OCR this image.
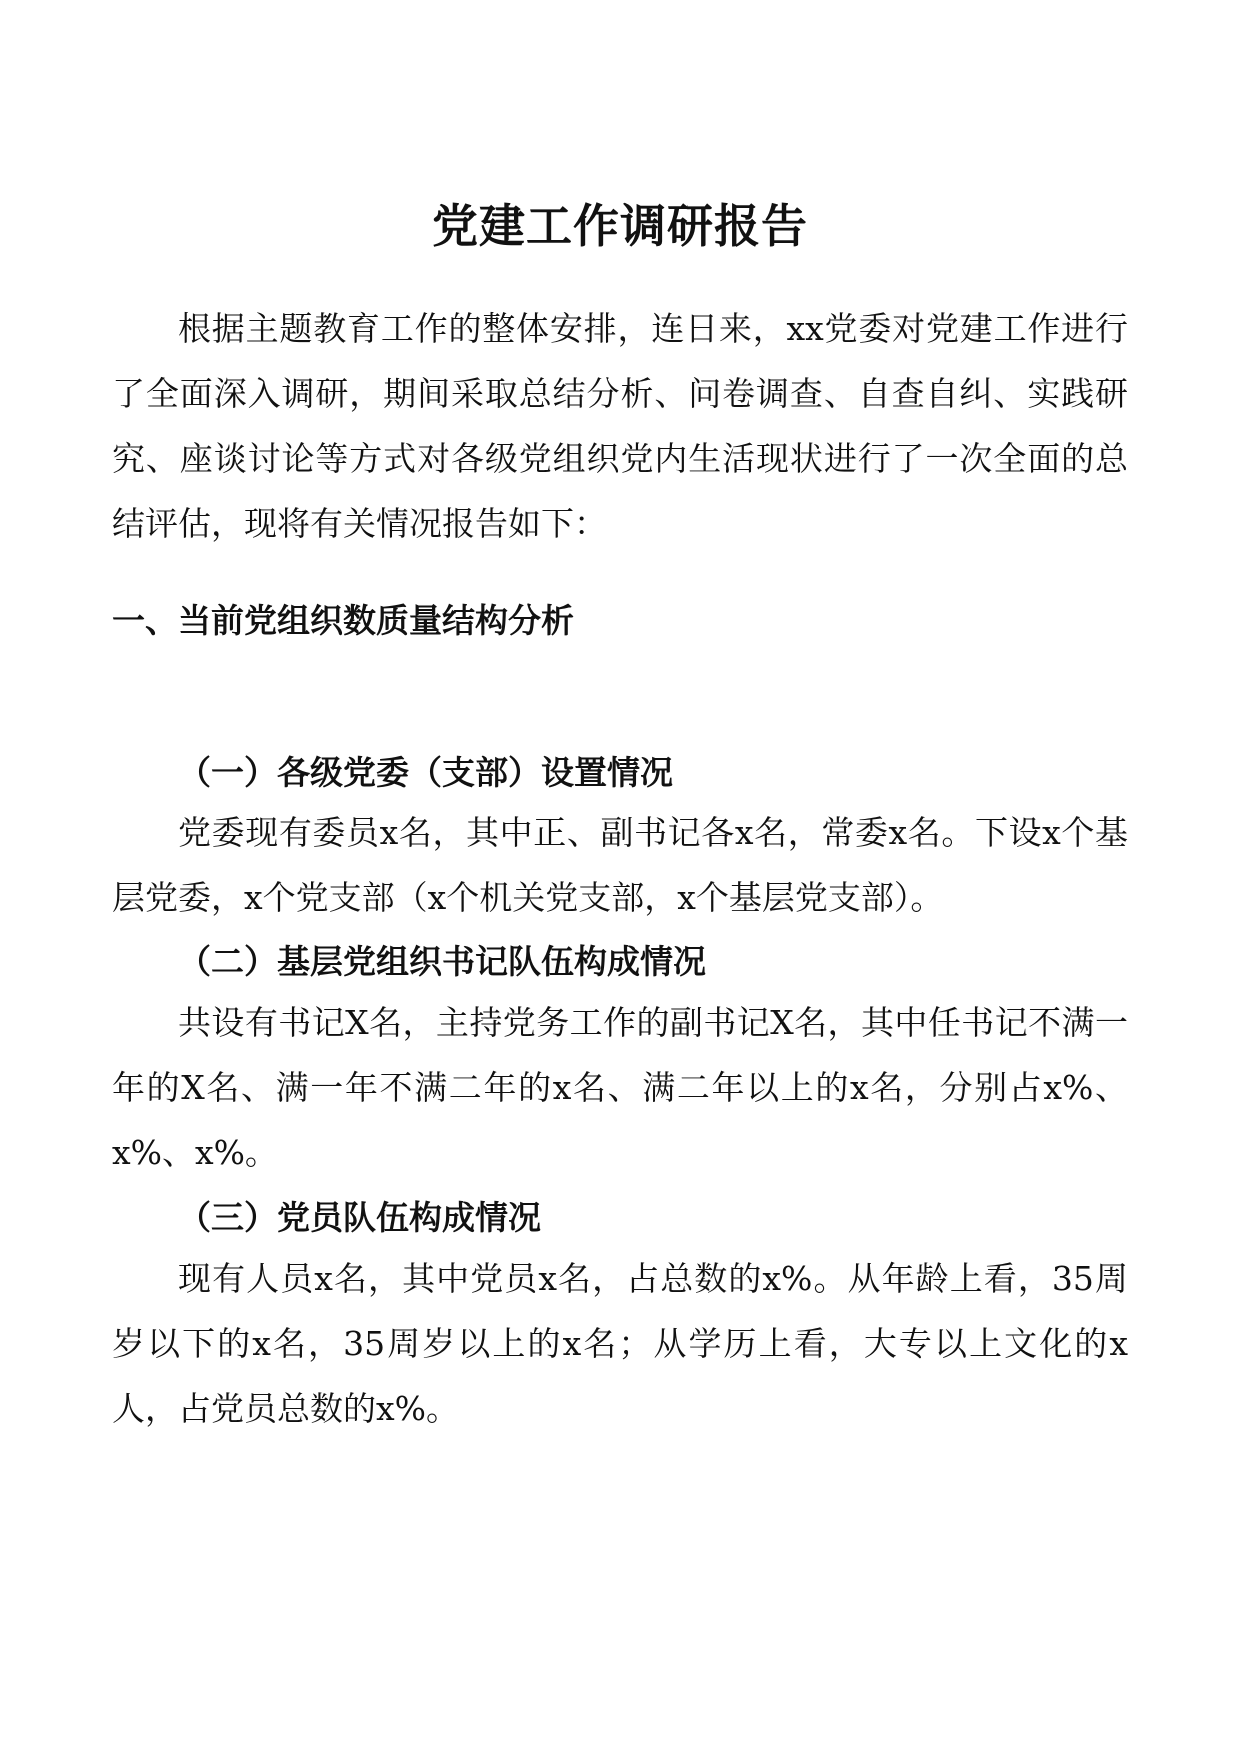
党建工作调研报告

根据主题教育工作的整体安排，连日来，xx党委对党建工作进行了全面深入调研，期间采取总结分析、问卷调查、自查自纠、实践研究、座谈讨论等方式对各级党组织党内生活现状进行了一次全面的总结评估，现将有关情况报告如下：

一、当前党组织数质量结构分析
（一）各级党委（支部）设置情况

党委现有委员x名，其中正、副书记各x名，常委x名。下设x个基层党委，x个党支部（x个机关党支部，x个基层党支部）。

（二）基层党组织书记队伍构成情况

共设有书记X名，主持党务工作的副书记X名，其中任书记不满一年的X名、满一年不满二年的x名、满二年以上的x名，分别占x%、x%、x%。

（三）党员队伍构成情况

现有人员x名，其中党员x名，占总数的x%。从年龄上看，35周岁以下的x名，35周岁以上的x名；从学历上看，大专以上文化的x人，占党员总数的x%。
